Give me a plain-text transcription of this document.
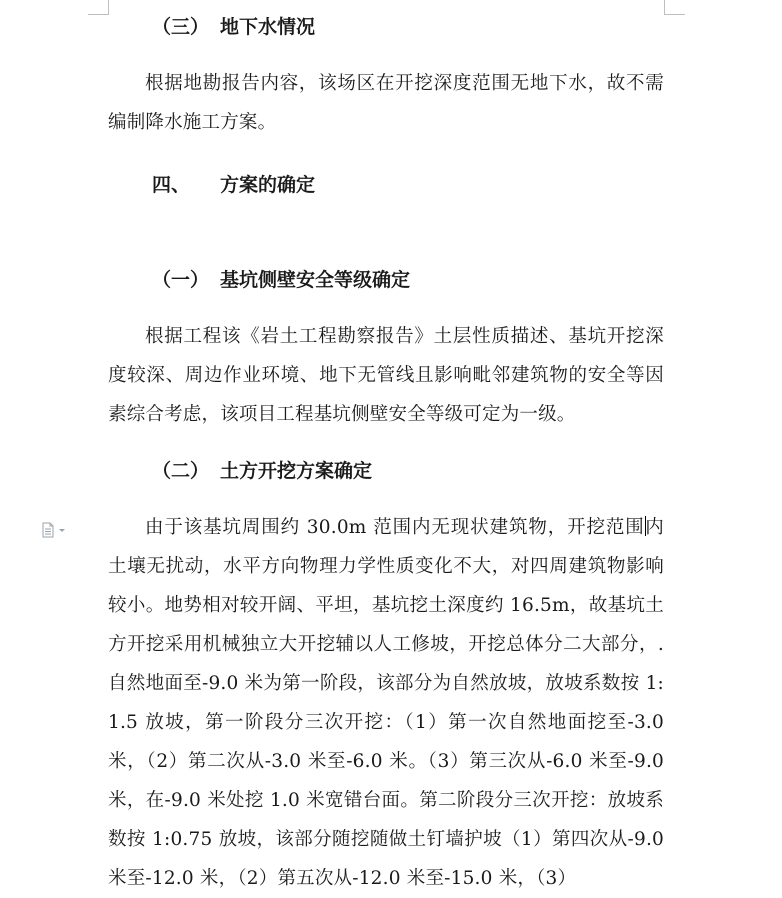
（三） 地下水情况
根据地勘报告内容，该场区在开挖深度范围无地下水，故不需编制降水施工方案。
四、 方案的确定
（一） 基坑侧壁安全等级确定
根据工程该《岩土工程勘察报告》土层性质描述、基坑开挖深度较深、周边作业环境、地下无管线且影响毗邻建筑物的安全等因素综合考虑，该项目工程基坑侧壁安全等级可定为一级。
（二） 土方开挖方案确定
由于该基坑周围约 30.0m 范围内无现状建筑物，开挖范围内土壤无扰动，水平方向物理力学性质变化不大，对四周建筑物影响较小。地势相对较开阔、平坦，基坑挖土深度约 16.5m，故基坑土方开挖采用机械独立大开挖辅以人工修坡，开挖总体分二大部分，.自然地面至-9.0 米为第一阶段，该部分为自然放坡，放坡系数按 1:1.5 放坡，第一阶段分三次开挖：（1）第一次自然地面挖至-3.0 米，（2）第二次从-3.0 米至-6.0 米。（3）第三次从-6.0 米至-9.0 米，在-9.0 米处挖 1.0 米宽错台面。第二阶段分三次开挖：放坡系数按 1:0.75 放坡，该部分随挖随做土钉墙护坡（1）第四次从-9.0 米至-12.0 米，（2）第五次从-12.0 米至-15.0 米，（3）
